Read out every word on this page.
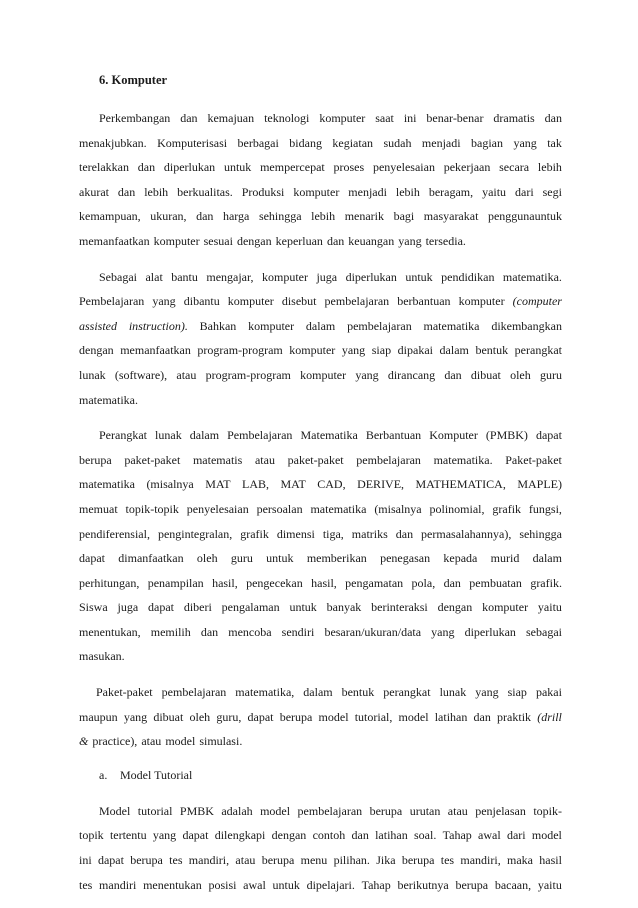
6. Komputer
Perkembangan dan kemajuan teknologi komputer saat ini benar-benar dramatis dan
menakjubkan. Komputerisasi berbagai bidang kegiatan sudah menjadi bagian yang tak
terelakkan dan diperlukan untuk mempercepat proses penyelesaian pekerjaan secara lebih
akurat dan lebih berkualitas. Produksi komputer menjadi lebih beragam, yaitu dari segi
kemampuan, ukuran, dan harga sehingga lebih menarik bagi masyarakat penggunauntuk
memanfaatkan komputer sesuai dengan keperluan dan keuangan yang tersedia.
Sebagai alat bantu mengajar, komputer juga diperlukan untuk pendidikan matematika.
Pembelajaran yang dibantu komputer disebut pembelajaran berbantuan komputer (computer
assisted instruction). Bahkan komputer dalam pembelajaran matematika dikembangkan
dengan memanfaatkan program-program komputer yang siap dipakai dalam bentuk perangkat
lunak (software), atau program-program komputer yang dirancang dan dibuat oleh guru
matematika.
Perangkat lunak dalam Pembelajaran Matematika Berbantuan Komputer (PMBK) dapat
berupa paket-paket matematis atau paket-paket pembelajaran matematika. Paket-paket
matematika (misalnya MAT LAB, MAT CAD, DERIVE, MATHEMATICA, MAPLE)
memuat topik-topik penyelesaian persoalan matematika (misalnya polinomial, grafik fungsi,
pendiferensial, pengintegralan, grafik dimensi tiga, matriks dan permasalahannya), sehingga
dapat dimanfaatkan oleh guru untuk memberikan penegasan kepada murid dalam
perhitungan, penampilan hasil, pengecekan hasil, pengamatan pola, dan pembuatan grafik.
Siswa juga dapat diberi pengalaman untuk banyak berinteraksi dengan komputer yaitu
menentukan, memilih dan mencoba sendiri besaran/ukuran/data yang diperlukan sebagai
masukan.
Paket-paket pembelajaran matematika, dalam bentuk perangkat lunak yang siap pakai
maupun yang dibuat oleh guru, dapat berupa model tutorial, model latihan dan praktik (drill
& practice), atau model simulasi.
a.	Model Tutorial
Model tutorial PMBK adalah model pembelajaran berupa urutan atau penjelasan topik-
topik tertentu yang dapat dilengkapi dengan contoh dan latihan soal. Tahap awal dari model
ini dapat berupa tes mandiri, atau berupa menu pilihan. Jika berupa tes mandiri, maka hasil
tes mandiri menentukan posisi awal untuk dipelajari. Tahap berikutnya berupa bacaan, yaitu
